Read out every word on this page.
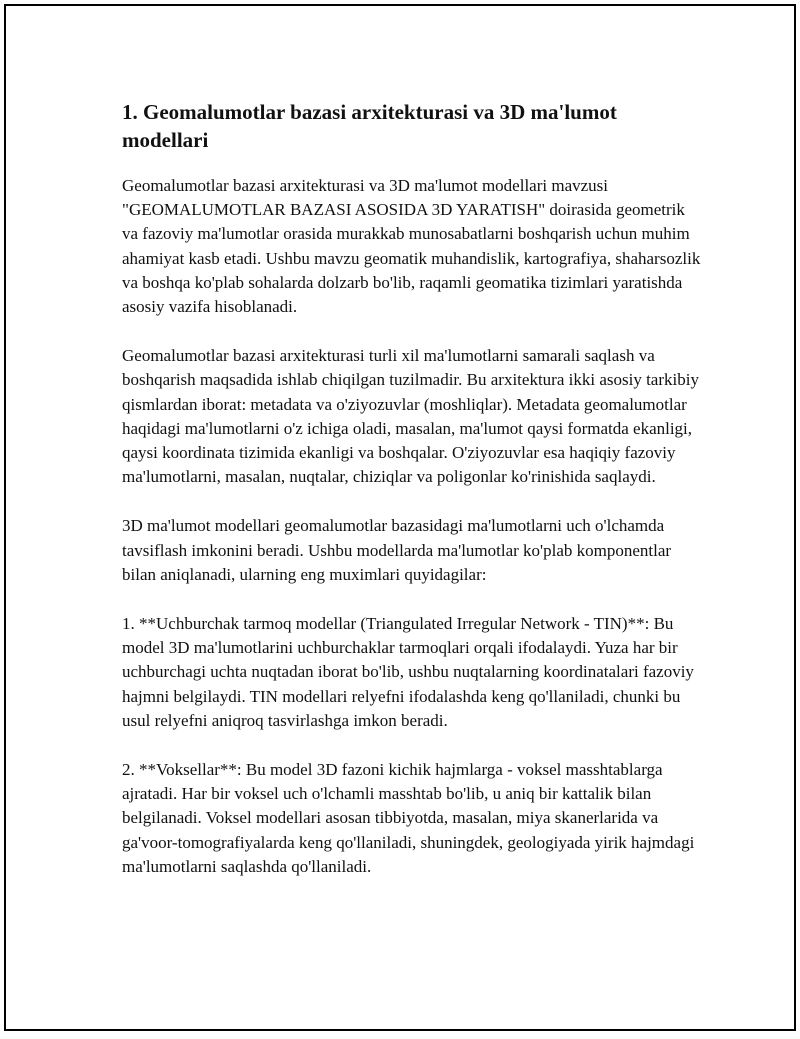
1. Geomalumotlar bazasi arxitekturasi va 3D ma'lumot modellari

Geomalumotlar bazasi arxitekturasi va 3D ma'lumot modellari mavzusi "GEOMALUMOTLAR BAZASI ASOSIDA 3D YARATISH" doirasida geometrik va fazoviy ma'lumotlar orasida murakkab munosabatlarni boshqarish uchun muhim ahamiyat kasb etadi. Ushbu mavzu geomatik muhandislik, kartografiya, shaharsozlik va boshqa ko'plab sohalarda dolzarb bo'lib, raqamli geomatika tizimlari yaratishda asosiy vazifa hisoblanadi.

Geomalumotlar bazasi arxitekturasi turli xil ma'lumotlarni samarali saqlash va boshqarish maqsadida ishlab chiqilgan tuzilmadir. Bu arxitektura ikki asosiy tarkibiy qismlardan iborat: metadata va o'ziyozuvlar (moshliqlar). Metadata geomalumotlar haqidagi ma'lumotlarni o'z ichiga oladi, masalan, ma'lumot qaysi formatda ekanligi, qaysi koordinata tizimida ekanligi va boshqalar. O'ziyozuvlar esa haqiqiy fazoviy ma'lumotlarni, masalan, nuqtalar, chiziqlar va poligonlar ko'rinishida saqlaydi.

3D ma'lumot modellari geomalumotlar bazasidagi ma'lumotlarni uch o'lchamda tavsiflash imkonini beradi. Ushbu modellarda ma'lumotlar ko'plab komponentlar bilan aniqlanadi, ularning eng muximlari quyidagilar:

1. **Uchburchak tarmoq modellar (Triangulated Irregular Network - TIN)**: Bu model 3D ma'lumotlarini uchburchaklar tarmoqlari orqali ifodalaydi. Yuza har bir uchburchagi uchta nuqtadan iborat bo'lib, ushbu nuqtalarning koordinatalari fazoviy hajmni belgilaydi. TIN modellari relyefni ifodalashda keng qo'llaniladi, chunki bu usul relyefni aniqroq tasvirlashga imkon beradi.

2. **Voksellar**: Bu model 3D fazoni kichik hajmlarga - voksel masshtablarga ajratadi. Har bir voksel uch o'lchamli masshtab bo'lib, u aniq bir kattalik bilan belgilanadi. Voksel modellari asosan tibbiyotda, masalan, miya skanerlarida va ga'voor-tomografiyalarda keng qo'llaniladi, shuningdek, geologiyada yirik hajmdagi ma'lumotlarni saqlashda qo'llaniladi.
